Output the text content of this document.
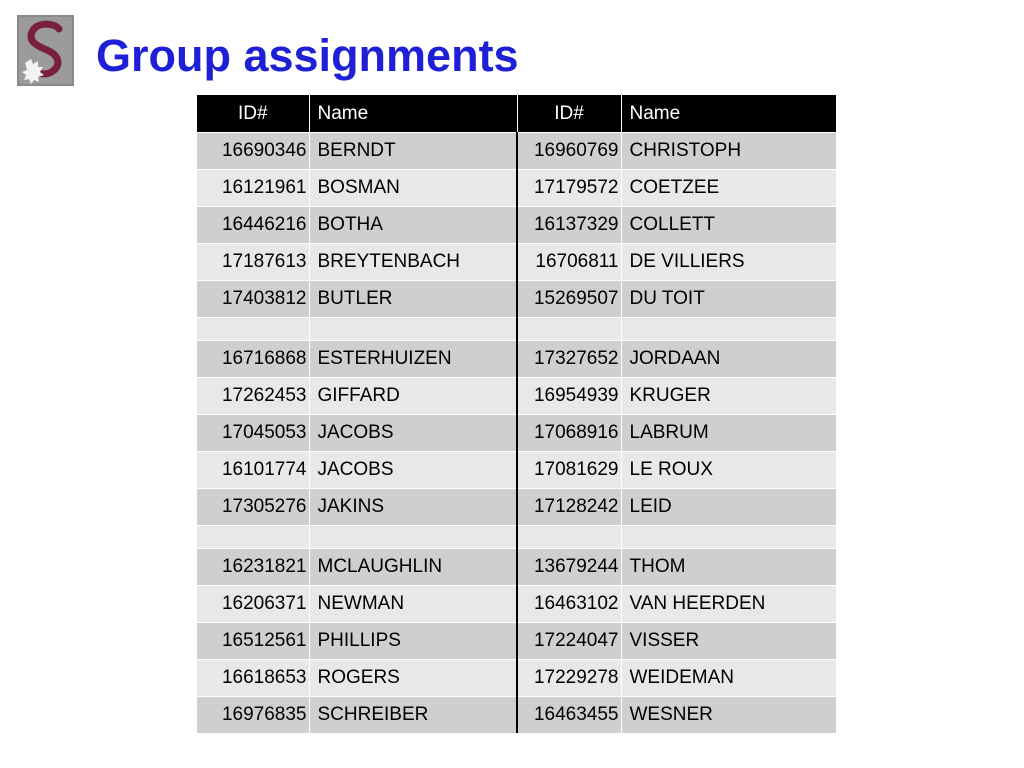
Group assignments
ID#	Name	ID#	Name
16690346	BERNDT	16960769	CHRISTOPH
16121961	BOSMAN	17179572	COETZEE
16446216	BOTHA	16137329	COLLETT
17187613	BREYTENBACH	16706811	DE VILLIERS
17403812	BUTLER	15269507	DU TOIT

16716868	ESTERHUIZEN	17327652	JORDAAN
17262453	GIFFARD	16954939	KRUGER
17045053	JACOBS	17068916	LABRUM
16101774	JACOBS	17081629	LE ROUX
17305276	JAKINS	17128242	LEID

16231821	MCLAUGHLIN	13679244	THOM
16206371	NEWMAN	16463102	VAN HEERDEN
16512561	PHILLIPS	17224047	VISSER
16618653	ROGERS	17229278	WEIDEMAN
16976835	SCHREIBER	16463455	WESNER
